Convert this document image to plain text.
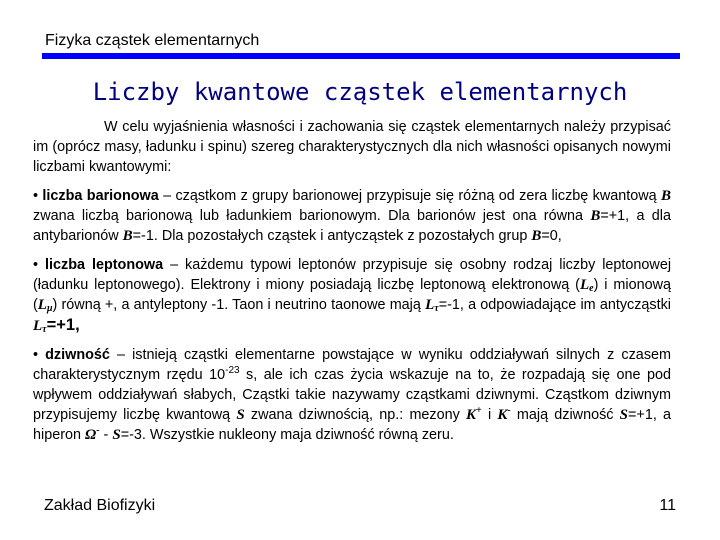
Fizyka cząstek elementarnych
Liczby kwantowe cząstek elementarnych

W celu wyjaśnienia własności i zachowania się cząstek elementarnych należy przypisać im (oprócz masy, ładunku i spinu) szereg charakterystycznych dla nich własności opisanych nowymi liczbami kwantowymi:

• liczba barionowa – cząstkom z grupy barionowej przypisuje się różną od zera liczbę kwantową B zwana liczbą barionową lub ładunkiem barionowym. Dla barionów jest ona równa B=+1, a dla antybarionów B=-1. Dla pozostałych cząstek i antycząstek z pozostałych grup B=0,

• liczba leptonowa – każdemu typowi leptonów przypisuje się osobny rodzaj liczby leptonowej (ładunku leptonowego). Elektrony i miony posiadają liczbę leptonową elektronową $(L_e)$ i mionową $(L_\mu)$ równą +, a antyleptony -1. Taon i neutrino taonowe mają $L_\tau=-1$, a odpowiadające im antycząstki $L_\tau=+1$,

• dziwność – istnieją cząstki elementarne powstające w wyniku oddziaływań silnych z czasem charakterystycznym rzędu $10^{-23}$ s, ale ich czas życia wskazuje na to, że rozpadają się one pod wpływem oddziaływań słabych, Cząstki takie nazywamy cząstkami dziwnymi. Cząstkom dziwnym przypisujemy liczbę kwantową S zwana dziwnością, np.: mezony K+ i K- mają dziwność S=+1, a hiperon Ω- - S=-3. Wszystkie nukleony maja dziwność równą zeru.

Zakład Biofizyki	11
